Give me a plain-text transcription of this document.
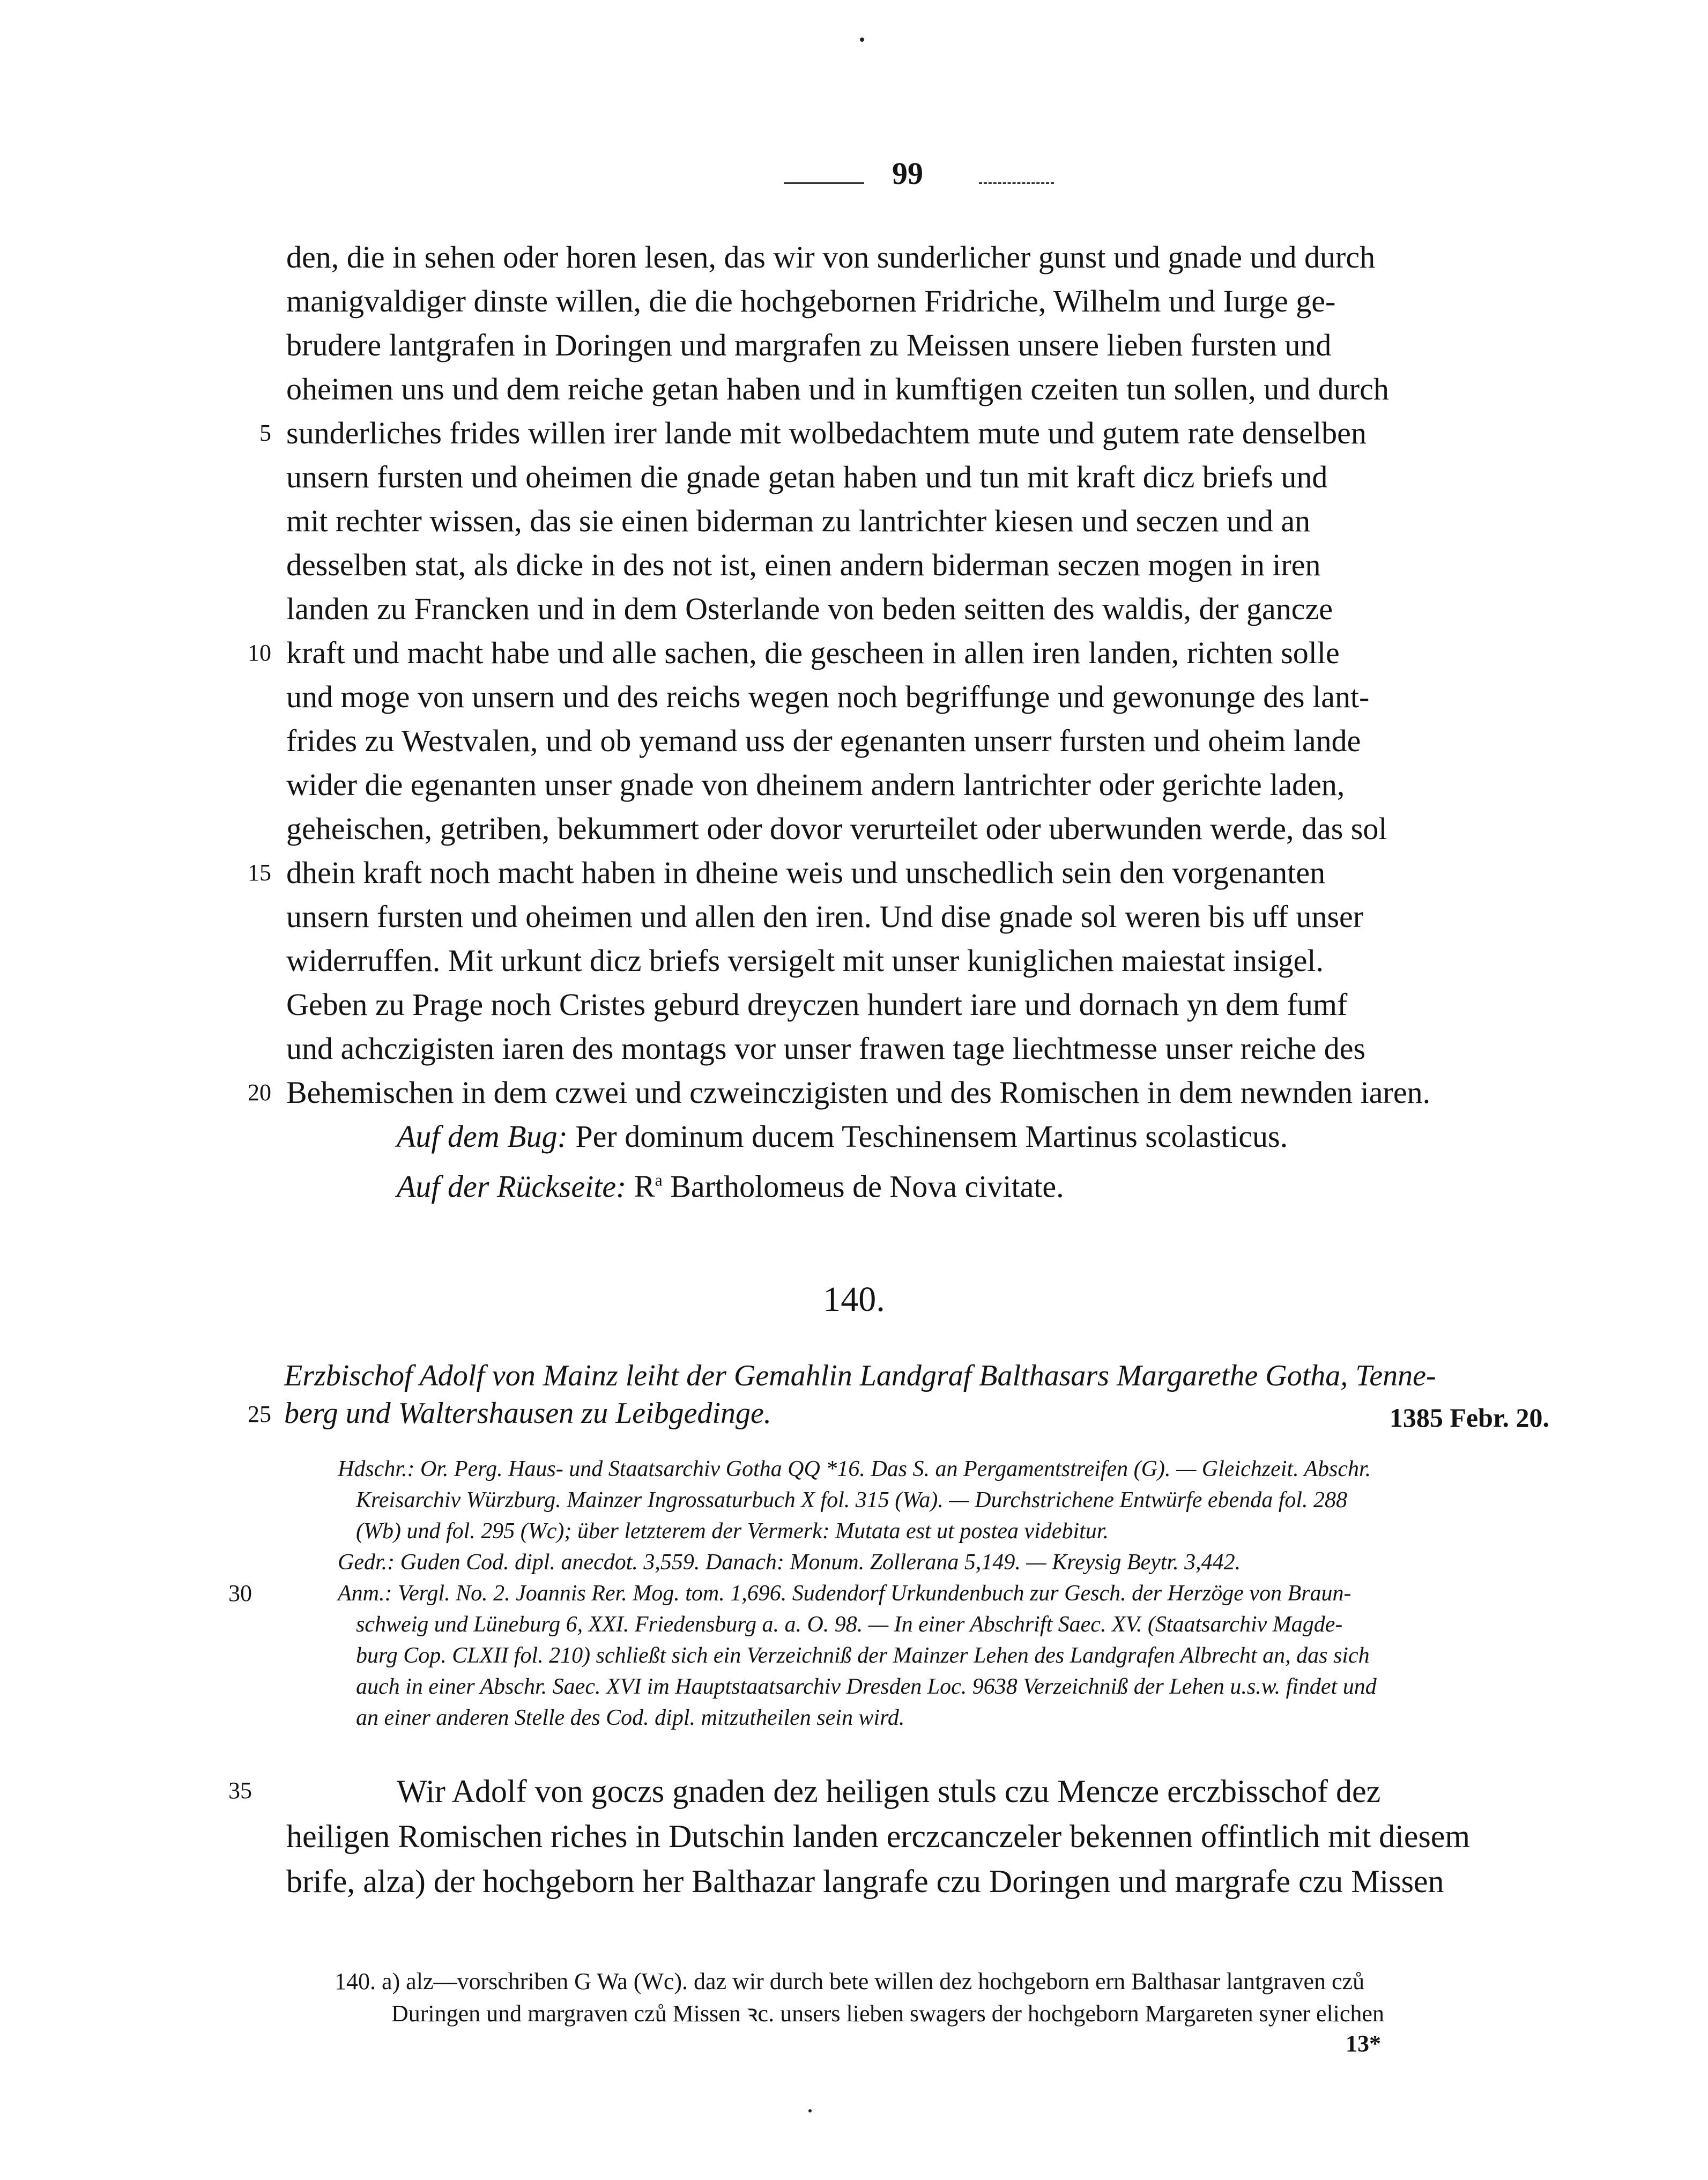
99
den, die in sehen oder horen lesen, das wir von sunderlicher gunst und gnade und durch
manigvaldiger dinste willen, die die hochgebornen Fridriche, Wilhelm und Iurge ge-
brudere lantgrafen in Doringen und margrafen zu Meissen unsere lieben fursten und
oheimen uns und dem reiche getan haben und in kumftigen czeiten tun sollen, und durch
sunderliches frides willen irer lande mit wolbedachtem mute und gutem rate denselben
unsern fursten und oheimen die gnade getan haben und tun mit kraft dicz briefs und
mit rechter wissen, das sie einen biderman zu lantrichter kiesen und seczen und an
desselben stat, als dicke in des not ist, einen andern biderman seczen mogen in iren
landen zu Francken und in dem Osterlande von beden seitten des waldis, der gancze
kraft und macht habe und alle sachen, die gescheen in allen iren landen, richten solle
und moge von unsern und des reichs wegen noch begriffunge und gewonunge des lant-
frides zu Westvalen, und ob yemand uss der egenanten unserr fursten und oheim lande
wider die egenanten unser gnade von dheinem andern lantrichter oder gerichte laden,
geheischen, getriben, bekummert oder dovor verurteilet oder uberwunden werde, das sol
dhein kraft noch macht haben in dheine weis und unschedlich sein den vorgenanten
unsern fursten und oheimen und allen den iren. Und dise gnade sol weren bis uff unser
widerruffen. Mit urkunt dicz briefs versigelt mit unser kuniglichen maiestat insigel.
Geben zu Prage noch Cristes geburd dreyczen hundert iare und dornach yn dem fumf
und achczigisten iaren des montags vor unser frawen tage liechtmesse unser reiche des
Behemischen in dem czwei und czweinczigisten und des Romischen in dem newnden iaren.
5
10
15
20
Auf dem Bug: Per dominum ducem Teschinensem Martinus scolasticus.
Auf der Rückseite: $R^a$ Bartholomeus de Nova civitate.
140.
Erzbischof Adolf von Mainz leiht der Gemahlin Landgraf Balthasars Margarethe Gotha, Tenne-
berg und Waltershausen zu Leibgedinge.	1385 Febr. 20.
25
Hdschr.: Or. Perg. Haus- und Staatsarchiv Gotha QQ *16. Das S. an Pergamentstreifen (G). — Gleichzeit. Abschr.
Kreisarchiv Würzburg. Mainzer Ingrossaturbuch X fol. 315 (Wa). — Durchstrichene Entwürfe ebenda fol. 288
(Wb) und fol. 295 (Wc); über letzterem der Vermerk: Mutata est ut postea videbitur.
Gedr.: Guden Cod. dipl. anecdot. 3,559. Danach: Monum. Zollerana 5,149. — Kreysig Beytr. 3,442.
Anm.: Vergl. No. 2. Joannis Rer. Mog. tom. 1,696. Sudendorf Urkundenbuch zur Gesch. der Herzöge von Braun-
schweig und Lüneburg 6, XXI. Friedensburg a. a. O. 98. — In einer Abschrift Saec. XV. (Staatsarchiv Magde-
burg Cop. CLXII fol. 210) schließt sich ein Verzeichniß der Mainzer Lehen des Landgrafen Albrecht an, das sich
auch in einer Abschr. Saec. XVI im Hauptstaatsarchiv Dresden Loc. 9638 Verzeichniß der Lehen u.s.w. findet und
an einer anderen Stelle des Cod. dipl. mitzutheilen sein wird.
30
Wir Adolf von goczs gnaden dez heiligen stuls czu Mencze erczbisschof dez
heiligen Romischen riches in Dutschin landen erczcanczeler bekennen offintlich mit diesem
brife, alza) der hochgeborn her Balthazar langrafe czu Doringen und margrafe czu Missen
35
140. a) alz—vorschriben G Wa (Wc). daz wir durch bete willen dez hochgeborn ern Balthasar lantgraven czů
Duringen und margraven czů Missen ꝛc. unsers lieben swagers der hochgeborn Margareten syner elichen
13*
